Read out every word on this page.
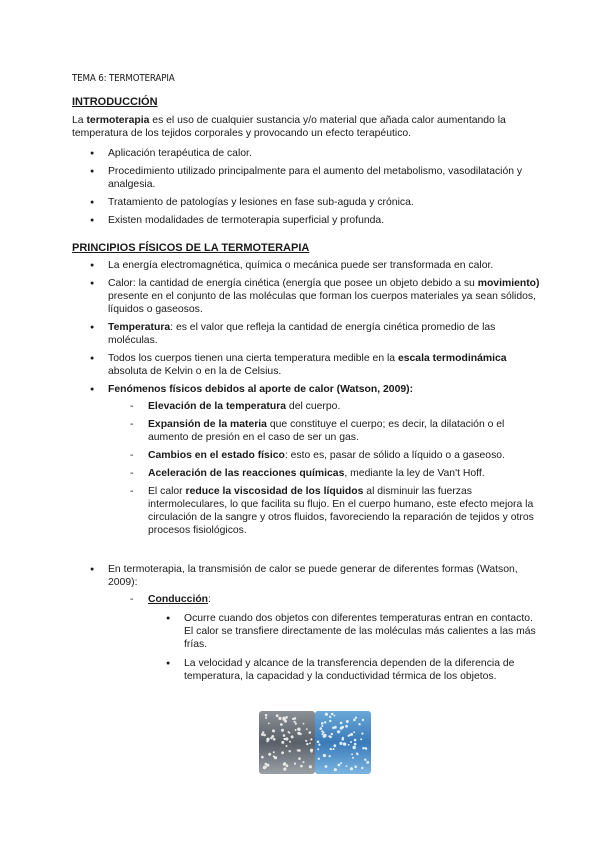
TEMA 6: TERMOTERAPIA
INTRODUCCIÓN

La termoterapia es el uso de cualquier sustancia y/o material que añada calor aumentando la temperatura de los tejidos corporales y provocando un efecto terapéutico.

● Aplicación terapéutica de calor.
● Procedimiento utilizado principalmente para el aumento del metabolismo, vasodilatación y analgesia.
● Tratamiento de patologías y lesiones en fase sub-aguda y crónica.
● Existen modalidades de termoterapia superficial y profunda.
PRINCIPIOS FÍSICOS DE LA TERMOTERAPIA
● La energía electromagnética, química o mecánica puede ser transformada en calor.
● Calor: la cantidad de energía cinética (energía que posee un objeto debido a su movimiento) presente en el conjunto de las moléculas que forman los cuerpos materiales ya sean sólidos, líquidos o gaseosos.
● Temperatura: es el valor que refleja la cantidad de energía cinética promedio de las moléculas.
● Todos los cuerpos tienen una cierta temperatura medible en la escala termodinámica absoluta de Kelvin o en la de Celsius.
● Fenómenos físicos debidos al aporte de calor (Watson, 2009):
- Elevación de la temperatura del cuerpo.
- Expansión de la materia que constituye el cuerpo; es decir, la dilatación o el aumento de presión en el caso de ser un gas.
- Cambios en el estado físico: esto es, pasar de sólido a líquido o a gaseoso.
- Aceleración de las reacciones químicas, mediante la ley de Van't Hoff.
- El calor reduce la viscosidad de los líquidos al disminuir las fuerzas intermoleculares, lo que facilita su flujo. En el cuerpo humano, este efecto mejora la circulación de la sangre y otros fluidos, favoreciendo la reparación de tejidos y otros procesos fisiológicos.
● En termoterapia, la transmisión de calor se puede generar de diferentes formas (Watson, 2009):
- Conducción:
● Ocurre cuando dos objetos con diferentes temperaturas entran en contacto. El calor se transfiere directamente de las moléculas más calientes a las más frías.
● La velocidad y alcance de la transferencia dependen de la diferencia de temperatura, la capacidad y la conductividad térmica de los objetos.
